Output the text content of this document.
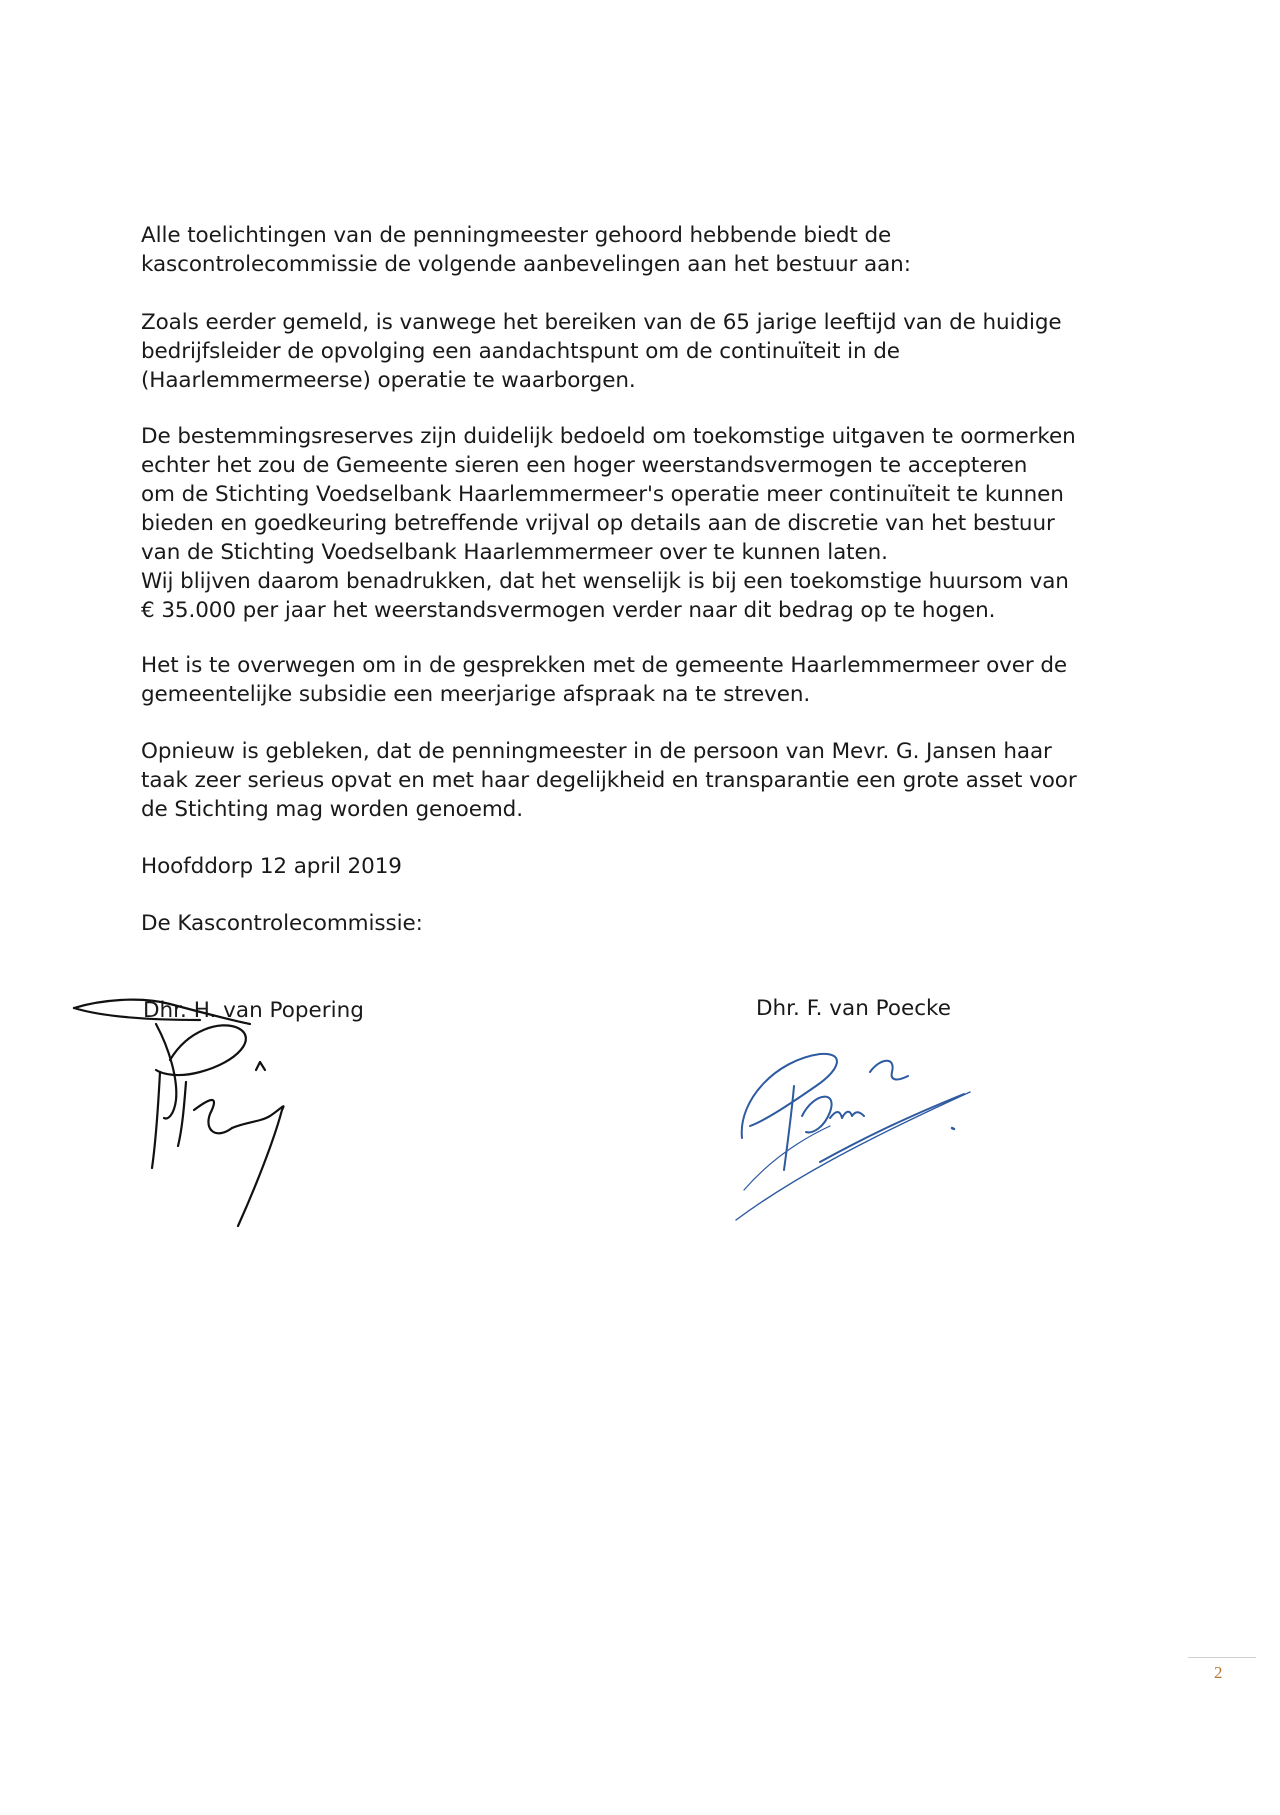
Alle toelichtingen van de penningmeester gehoord hebbende biedt de
kascontrolecommissie de volgende aanbevelingen aan het bestuur aan:

Zoals eerder gemeld, is vanwege het bereiken van de 65 jarige leeftijd van de huidige
bedrijfsleider de opvolging een aandachtspunt om de continuïteit in de
(Haarlemmermeerse) operatie te waarborgen.

De bestemmingsreserves zijn duidelijk bedoeld om toekomstige uitgaven te oormerken
echter het zou de Gemeente sieren een hoger weerstandsvermogen te accepteren
om de Stichting Voedselbank Haarlemmermeer's operatie meer continuïteit te kunnen
bieden en goedkeuring betreffende vrijval op details aan de discretie van het bestuur
van de Stichting Voedselbank Haarlemmermeer over te kunnen laten.
Wij blijven daarom benadrukken, dat het wenselijk is bij een toekomstige huursom van
€ 35.000 per jaar het weerstandsvermogen verder naar dit bedrag op te hogen.

Het is te overwegen om in de gesprekken met de gemeente Haarlemmermeer over de
gemeentelijke subsidie een meerjarige afspraak na te streven.

Opnieuw is gebleken, dat de penningmeester in de persoon van Mevr. G. Jansen haar
taak zeer serieus opvat en met haar degelijkheid en transparantie een grote asset voor
de Stichting mag worden genoemd.

Hoofddorp 12 april 2019

De Kascontrolecommissie:

Dhr. H. van Popering	Dhr. F. van Poecke

2
